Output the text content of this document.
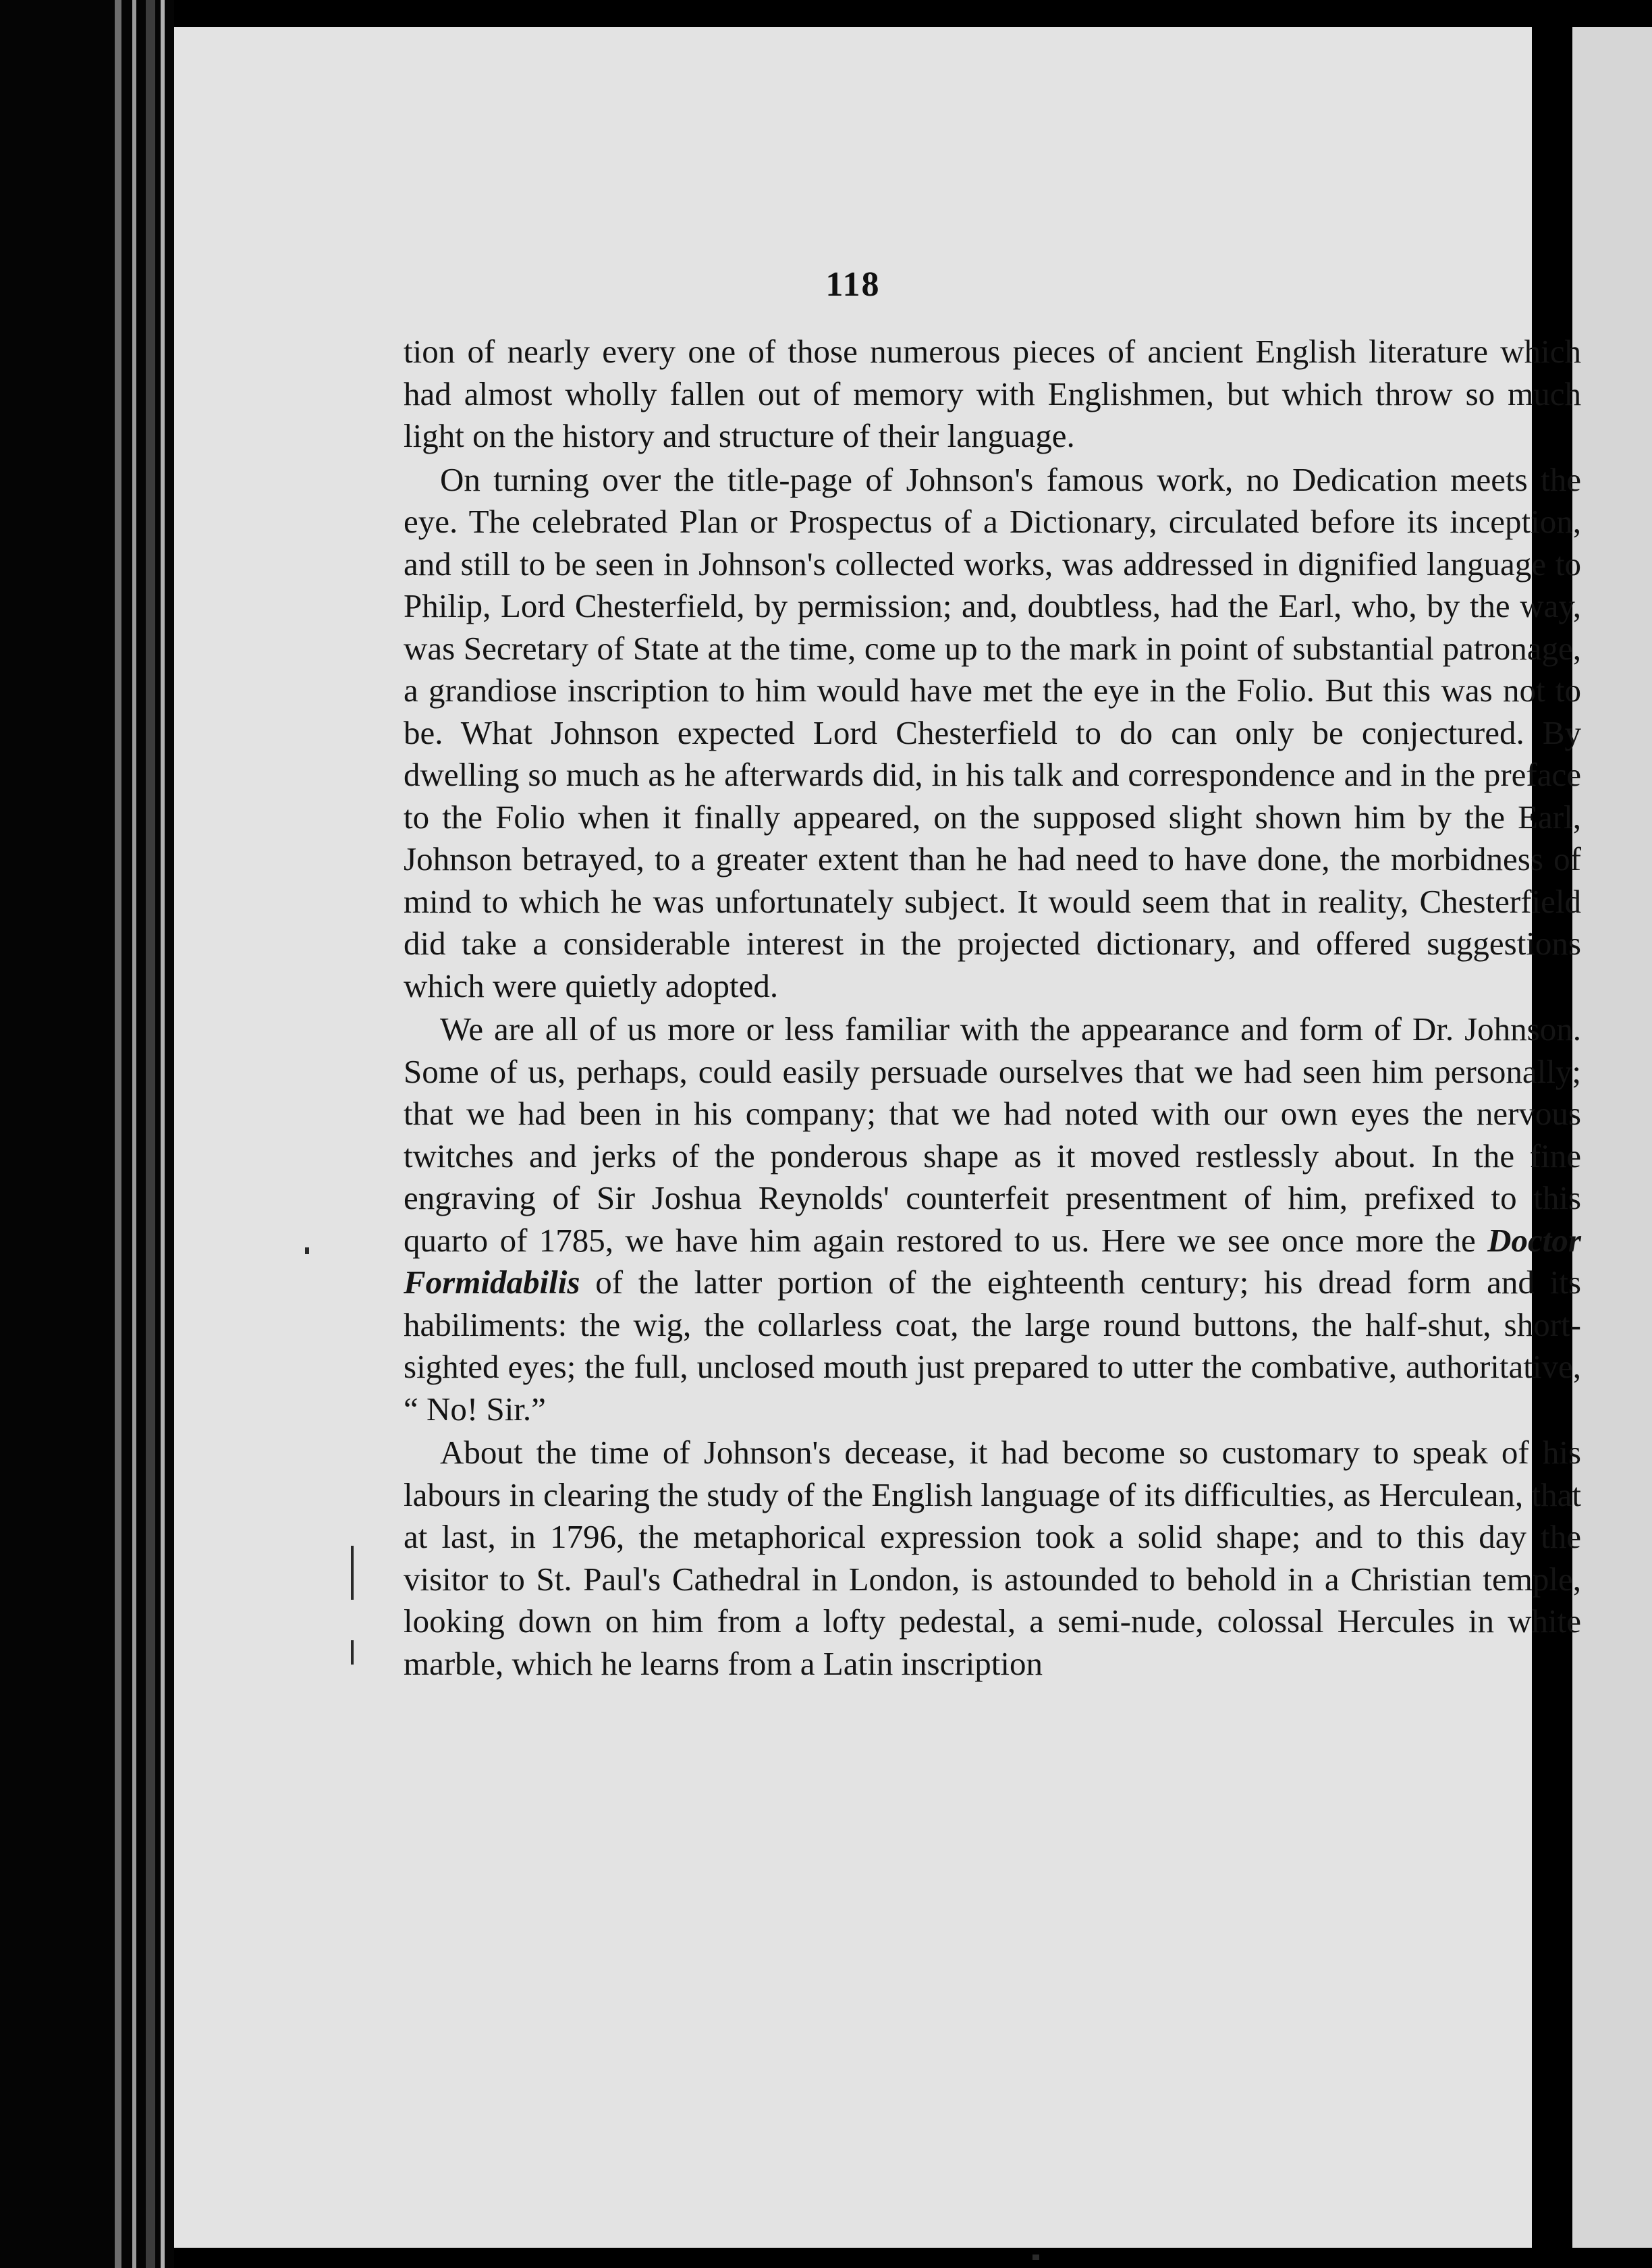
118

tion of nearly every one of those numerous pieces of ancient English literature which had almost wholly fallen out of memory with Englishmen, but which throw so much light on the history and structure of their language.

On turning over the title-page of Johnson's famous work, no Dedication meets the eye. The celebrated Plan or Prospectus of a Dictionary, circulated before its inception, and still to be seen in Johnson's collected works, was addressed in dignified language to Philip, Lord Chesterfield, by permission; and, doubtless, had the Earl, who, by the way, was Secretary of State at the time, come up to the mark in point of substantial patronage, a grandiose inscription to him would have met the eye in the Folio. But this was not to be. What Johnson expected Lord Chesterfield to do can only be conjectured. By dwelling so much as he afterwards did, in his talk and correspondence and in the preface to the Folio when it finally appeared, on the supposed slight shown him by the Earl, Johnson betrayed, to a greater extent than he had need to have done, the morbidness of mind to which he was unfortunately subject. It would seem that in reality, Chesterfield did take a considerable interest in the projected dictionary, and offered suggestions which were quietly adopted.

We are all of us more or less familiar with the appearance and form of Dr. Johnson. Some of us, perhaps, could easily persuade ourselves that we had seen him personally; that we had been in his company; that we had noted with our own eyes the nervous twitches and jerks of the ponderous shape as it moved restlessly about. In the fine engraving of Sir Joshua Reynolds' counterfeit presentment of him, prefixed to this quarto of 1785, we have him again restored to us. Here we see once more the Doctor Formidabilis of the latter portion of the eighteenth century; his dread form and its habiliments: the wig, the collarless coat, the large round buttons, the half-shut, short-sighted eyes; the full, unclosed mouth just prepared to utter the combative, authoritative, “ No! Sir.”

About the time of Johnson's decease, it had become so customary to speak of his labours in clearing the study of the English language of its difficulties, as Herculean, that at last, in 1796, the metaphorical expression took a solid shape; and to this day the visitor to St. Paul's Cathedral in London, is astounded to behold in a Christian temple, looking down on him from a lofty pedestal, a semi-nude, colossal Hercules in white marble, which he learns from a Latin inscription
